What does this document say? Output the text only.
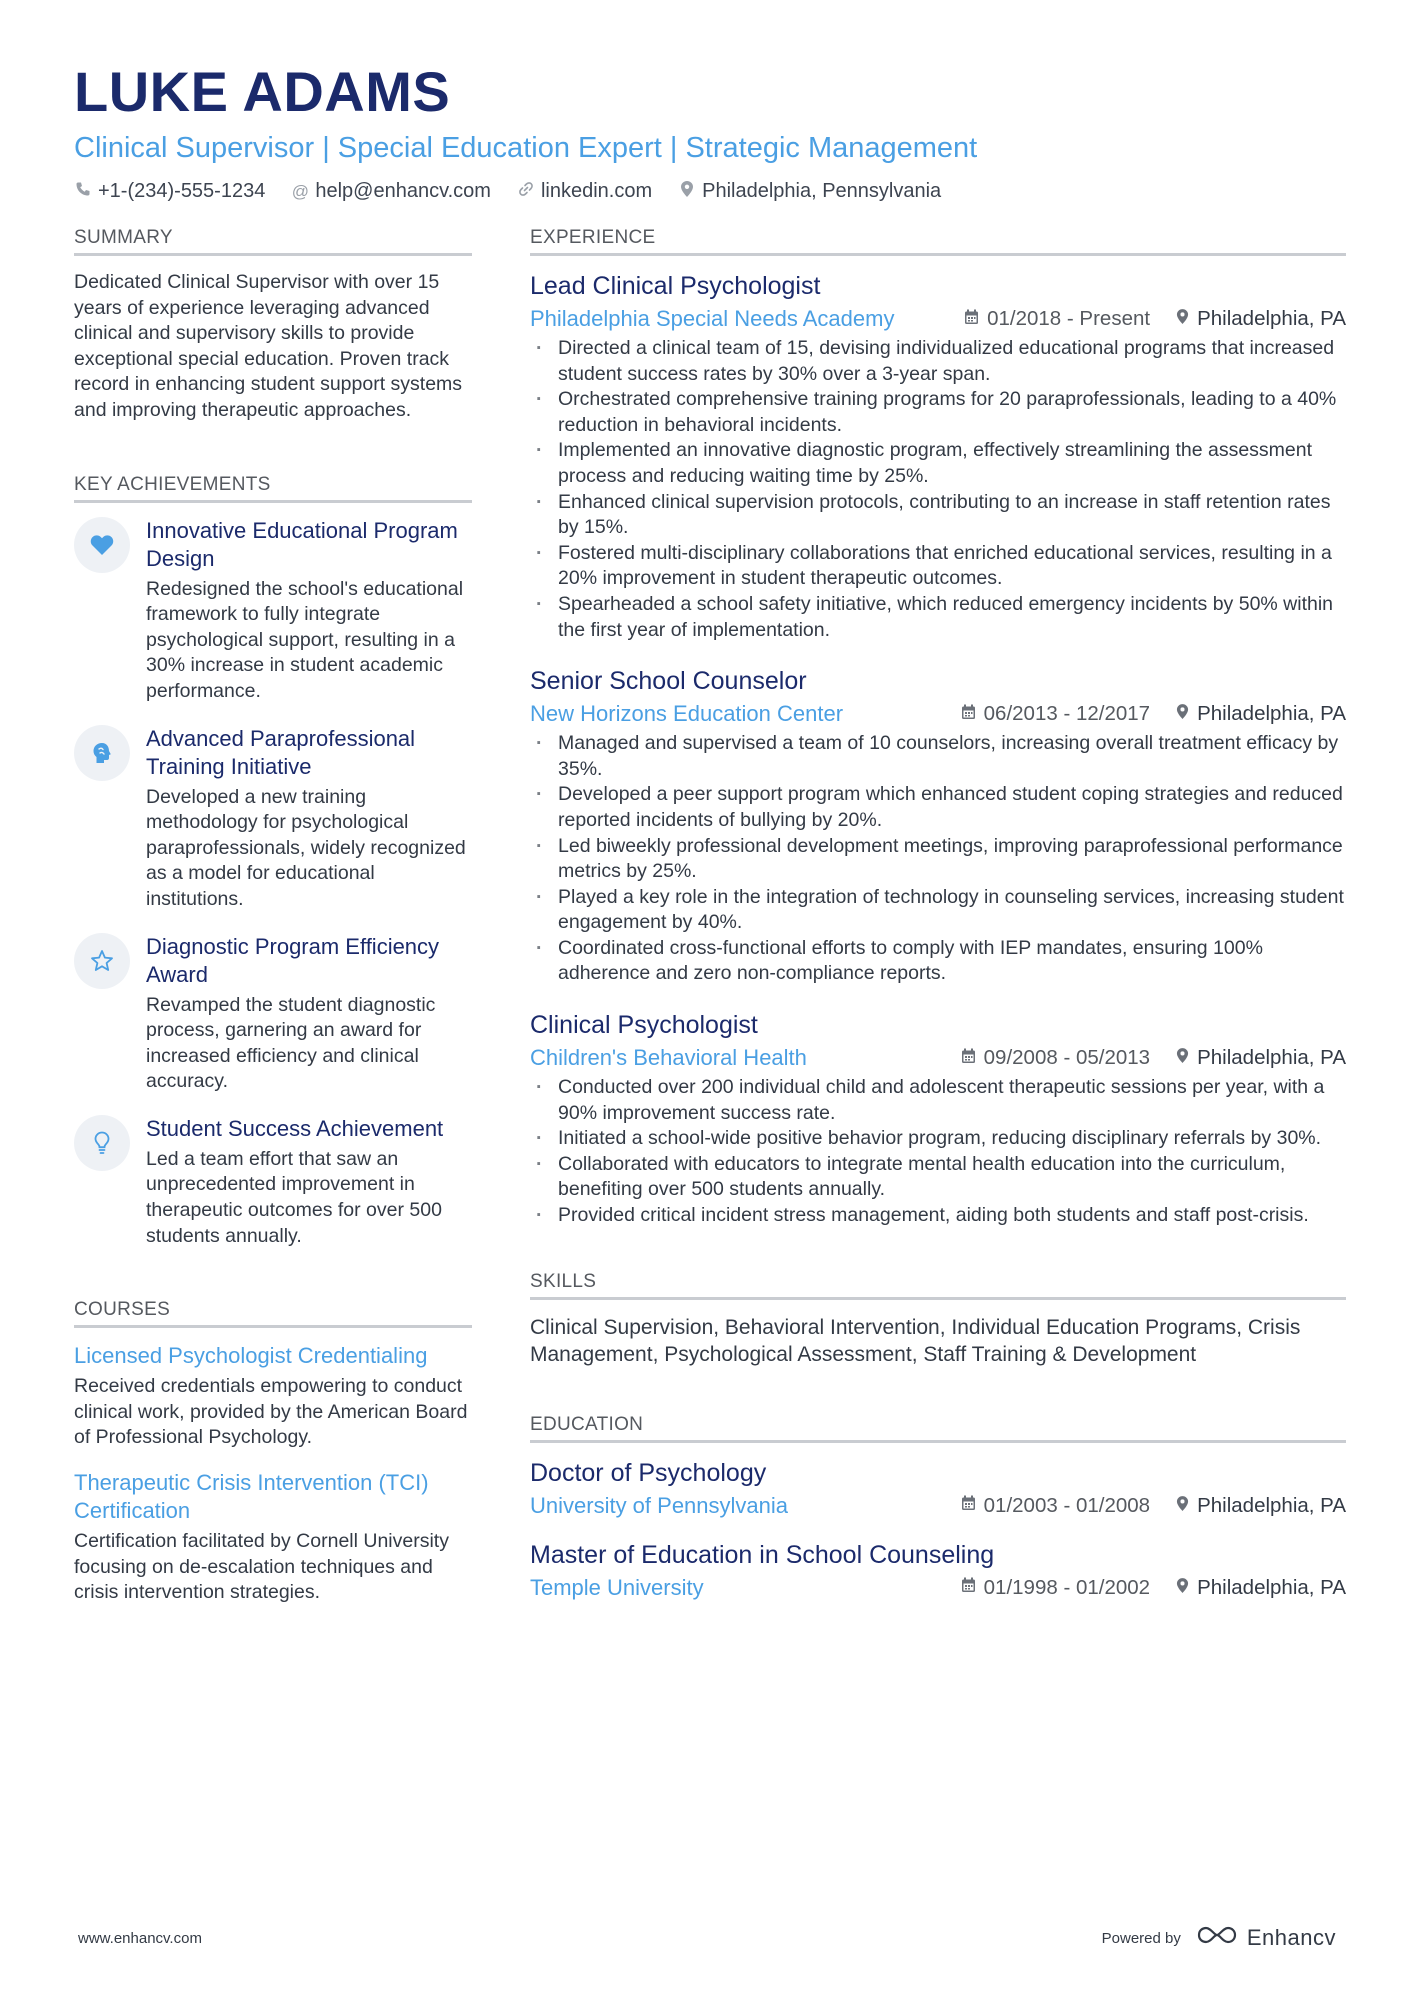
LUKE ADAMS
Clinical Supervisor | Special Education Expert | Strategic Management
+1-(234)-555-1234 @ help@enhancv.com	linkedin.com	Philadelphia, Pennsylvania
SUMMARY
Dedicated Clinical Supervisor with over 15 years of experience leveraging advanced clinical and supervisory skills to provide exceptional special education. Proven track record in enhancing student support systems and improving therapeutic approaches.
KEY ACHIEVEMENTS
Innovative Educational Program Design
Redesigned the school's educational framework to fully integrate psychological support, resulting in a 30% increase in student academic performance.
Advanced Paraprofessional Training Initiative
Developed a new training methodology for psychological paraprofessionals, widely recognized as a model for educational institutions.
Diagnostic Program Efficiency Award
Revamped the student diagnostic process, garnering an award for increased efficiency and clinical accuracy.
Student Success Achievement
Led a team effort that saw an unprecedented improvement in therapeutic outcomes for over 500 students annually.
COURSES
Licensed Psychologist Credentialing
Received credentials empowering to conduct clinical work, provided by the American Board of Professional Psychology.
Therapeutic Crisis Intervention (TCI) Certification
Certification facilitated by Cornell University focusing on de-escalation techniques and crisis intervention strategies.
EXPERIENCE
Lead Clinical Psychologist
Philadelphia Special Needs Academy	01/2018 - Present Philadelphia, PA
· Directed a clinical team of 15, devising individualized educational programs that increased student success rates by 30% over a 3-year span.
· Orchestrated comprehensive training programs for 20 paraprofessionals, leading to a 40% reduction in behavioral incidents.
· Implemented an innovative diagnostic program, effectively streamlining the assessment process and reducing waiting time by 25%.
· Enhanced clinical supervision protocols, contributing to an increase in staff retention rates by 15%.
· Fostered multi-disciplinary collaborations that enriched educational services, resulting in a 20% improvement in student therapeutic outcomes.
· Spearheaded a school safety initiative, which reduced emergency incidents by 50% within the first year of implementation.
Senior School Counselor
New Horizons Education Center	06/2013 - 12/2017 Philadelphia, PA
· Managed and supervised a team of 10 counselors, increasing overall treatment efficacy by 35%.
· Developed a peer support program which enhanced student coping strategies and reduced reported incidents of bullying by 20%.
· Led biweekly professional development meetings, improving paraprofessional performance metrics by 25%.
· Played a key role in the integration of technology in counseling services, increasing student engagement by 40%.
· Coordinated cross-functional efforts to comply with IEP mandates, ensuring 100% adherence and zero non-compliance reports.
Clinical Psychologist
Children's Behavioral Health	09/2008 - 05/2013 Philadelphia, PA
· Conducted over 200 individual child and adolescent therapeutic sessions per year, with a 90% improvement success rate.
· Initiated a school-wide positive behavior program, reducing disciplinary referrals by 30%.
· Collaborated with educators to integrate mental health education into the curriculum, benefiting over 500 students annually.
· Provided critical incident stress management, aiding both students and staff post-crisis.
SKILLS
Clinical Supervision, Behavioral Intervention, Individual Education Programs, Crisis Management, Psychological Assessment, Staff Training & Development
EDUCATION
Doctor of Psychology
University of Pennsylvania	01/2003 - 01/2008 Philadelphia, PA
Master of Education in School Counseling
Temple University	01/1998 - 01/2002 Philadelphia, PA
www.enhancv.com	Powered by	Enhancv
